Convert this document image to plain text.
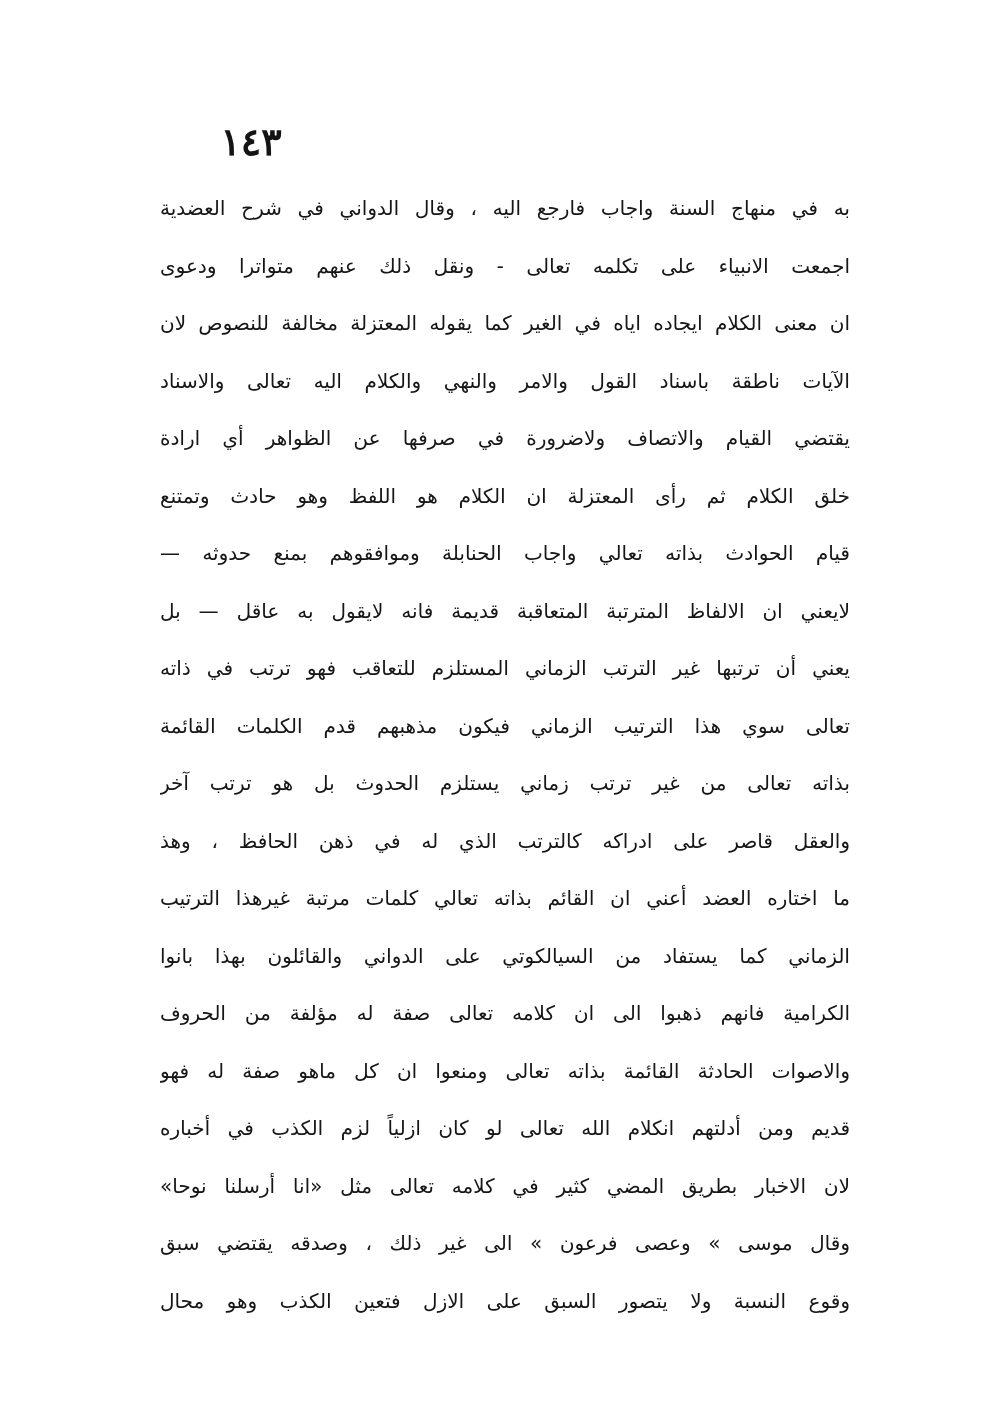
١٤٣
به في منهاج السنة واجاب فارجع اليه ، وقال الدواني في شرح العضدية
اجمعت الانبياء على تكلمه تعالى - ونقل ذلك عنهم متواترا ودعوى
ان معنى الكلام ايجاده اياه في الغير كما يقوله المعتزلة مخالفة للنصوص لان
الآيات ناطقة باسناد القول والامر والنهي والكلام اليه تعالى والاسناد
يقتضي القيام والاتصاف ولاضرورة في صرفها عن الظواهر أي ارادة
خلق الكلام ثم رأى المعتزلة ان الكلام هو اللفظ وهو حادث وتمتنع
قيام الحوادث بذاته تعالي واجاب الحنابلة وموافقوهم بمنع حدوثه —
لايعني ان الالفاظ المترتبة المتعاقبة قديمة فانه لايقول به عاقل — بل
يعني أن ترتبها غير الترتب الزماني المستلزم للتعاقب فهو ترتب في ذاته
تعالى سوي هذا الترتيب الزماني فيكون مذهبهم قدم الكلمات القائمة
بذاته تعالى من غير ترتب زماني يستلزم الحدوث بل هو ترتب آخر
والعقل قاصر على ادراكه كالترتب الذي له في ذهن الحافظ ، وهذ
ما اختاره العضد أعني ان القائم بذاته تعالي كلمات مرتبة غيرهذا الترتيب
الزماني كما يستفاد من السيالكوتي على الدواني والقائلون بهذا بانوا
الكرامية فانهم ذهبوا الى ان كلامه تعالى صفة له مؤلفة من الحروف
والاصوات الحادثة القائمة بذاته تعالى ومنعوا ان كل ماهو صفة له فهو
قديم ومن أدلتهم انكلام الله تعالى لو كان ازلياً لزم الكذب في أخباره
لان الاخبار بطريق المضي كثير في كلامه تعالى مثل «انا أرسلنا نوحا»
وقال موسى » وعصى فرعون » الى غير ذلك ، وصدقه يقتضي سبق
وقوع النسبة ولا يتصور السبق على الازل فتعين الكذب وهو محال
